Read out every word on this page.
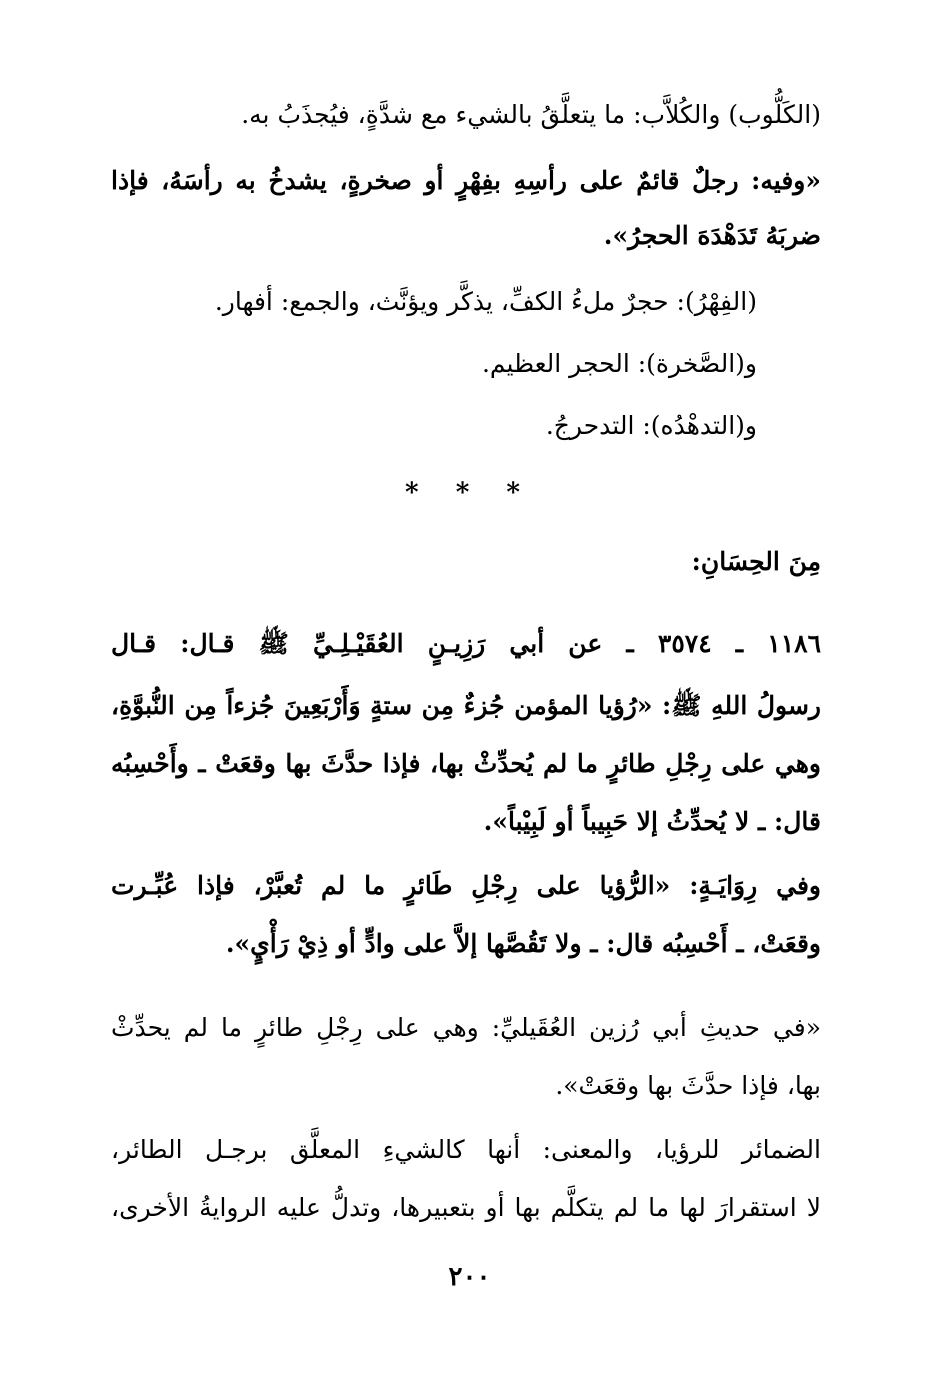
(الكَلُّوب) والكُلاَّب: ما يتعلَّقُ بالشيء مع شدَّةٍ، فيُجذَبُ به.
«وفيه: رجلٌ قائمٌ على رأسِهِ بفِهْرٍ أو صخرةٍ، يشدخُ به رأسَهُ، فإذا
ضربَهُ تَدَهْدَهَ الحجرُ».
(الفِهْرُ): حجرٌ ملءُ الكفِّ، يذكَّر ويؤنَّث، والجمع: أفهار.
و(الصَّخرة): الحجر العظيم.
و(التدهْدُه): التدحرجُ.
* * *
مِنَ الحِسَانِ:
١١٨٦ ـ ٣٥٧٤ ـ عن أبي رَزِيـنٍ العُقَيْـلِـيِّ ﷺ قـال: قـال
رسولُ اللهِ ﷺ: «رُؤيا المؤمن جُزءٌ مِن ستةٍ وَأَرْبَعِينَ جُزءاً مِن النُّبوَّةِ،
وهي على رِجْلِ طائرٍ ما لم يُحدِّثْ بها، فإذا حدَّثَ بها وقعَتْ ـ وأَحْسِبُه
قال: ـ لا يُحدِّثُ إلا حَبِيباً أو لَبِيْباً».
وفي رِوَايَـةٍ: «الرُّؤيا على رِجْلِ طَائرٍ ما لم تُعبَّرْ، فإذا عُبِّـرت
وقعَتْ، ـ أَحْسِبُه قال: ـ ولا تَقُصَّها إلاَّ على وادٍّ أو ذِيْ رَأْيٍ».
«في حديثِ أبي رُزين العُقَيليِّ: وهي على رِجْلِ طائرٍ ما لم يحدِّثْ
بها، فإذا حدَّثَ بها وقعَتْ».
الضمائر للرؤيا، والمعنى: أنها كالشيءِ المعلَّق برجـل الطائر،
لا استقرارَ لها ما لم يتكلَّم بها أو بتعبيرها، وتدلُّ عليه الروايةُ الأخرى،
٢٠٠
